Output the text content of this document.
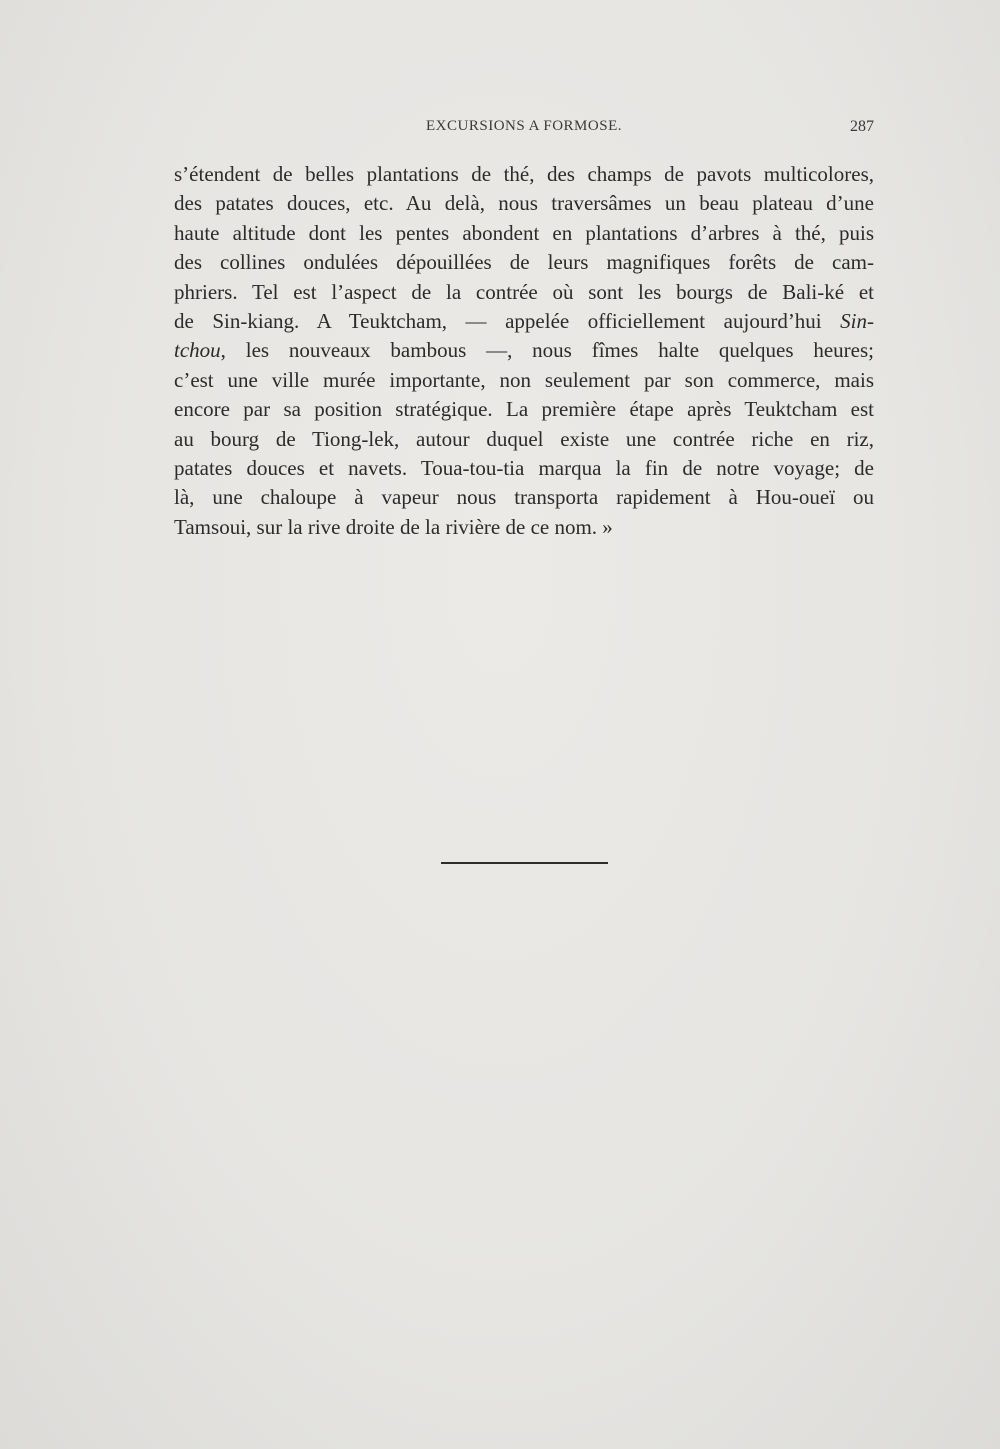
EXCURSIONS A FORMOSE.	287
s’étendent de belles plantations de thé, des champs de pavots multicolores,
des patates douces, etc. Au delà, nous traversâmes un beau plateau d’une
haute altitude dont les pentes abondent en plantations d’arbres à thé, puis
des collines ondulées dépouillées de leurs magnifiques forêts de cam-
phriers. Tel est l’aspect de la contrée où sont les bourgs de Bali-ké et
de Sin-kiang. A Teuktcham, — appelée officiellement aujourd’hui Sin-
tchou, les nouveaux bambous —, nous fîmes halte quelques heures;
c’est une ville murée importante, non seulement par son commerce, mais
encore par sa position stratégique. La première étape après Teuktcham est
au bourg de Tiong-lek, autour duquel existe une contrée riche en riz,
patates douces et navets. Toua-tou-tia marqua la fin de notre voyage; de
là, une chaloupe à vapeur nous transporta rapidement à Hou-oueï ou
Tamsoui, sur la rive droite de la rivière de ce nom. »
